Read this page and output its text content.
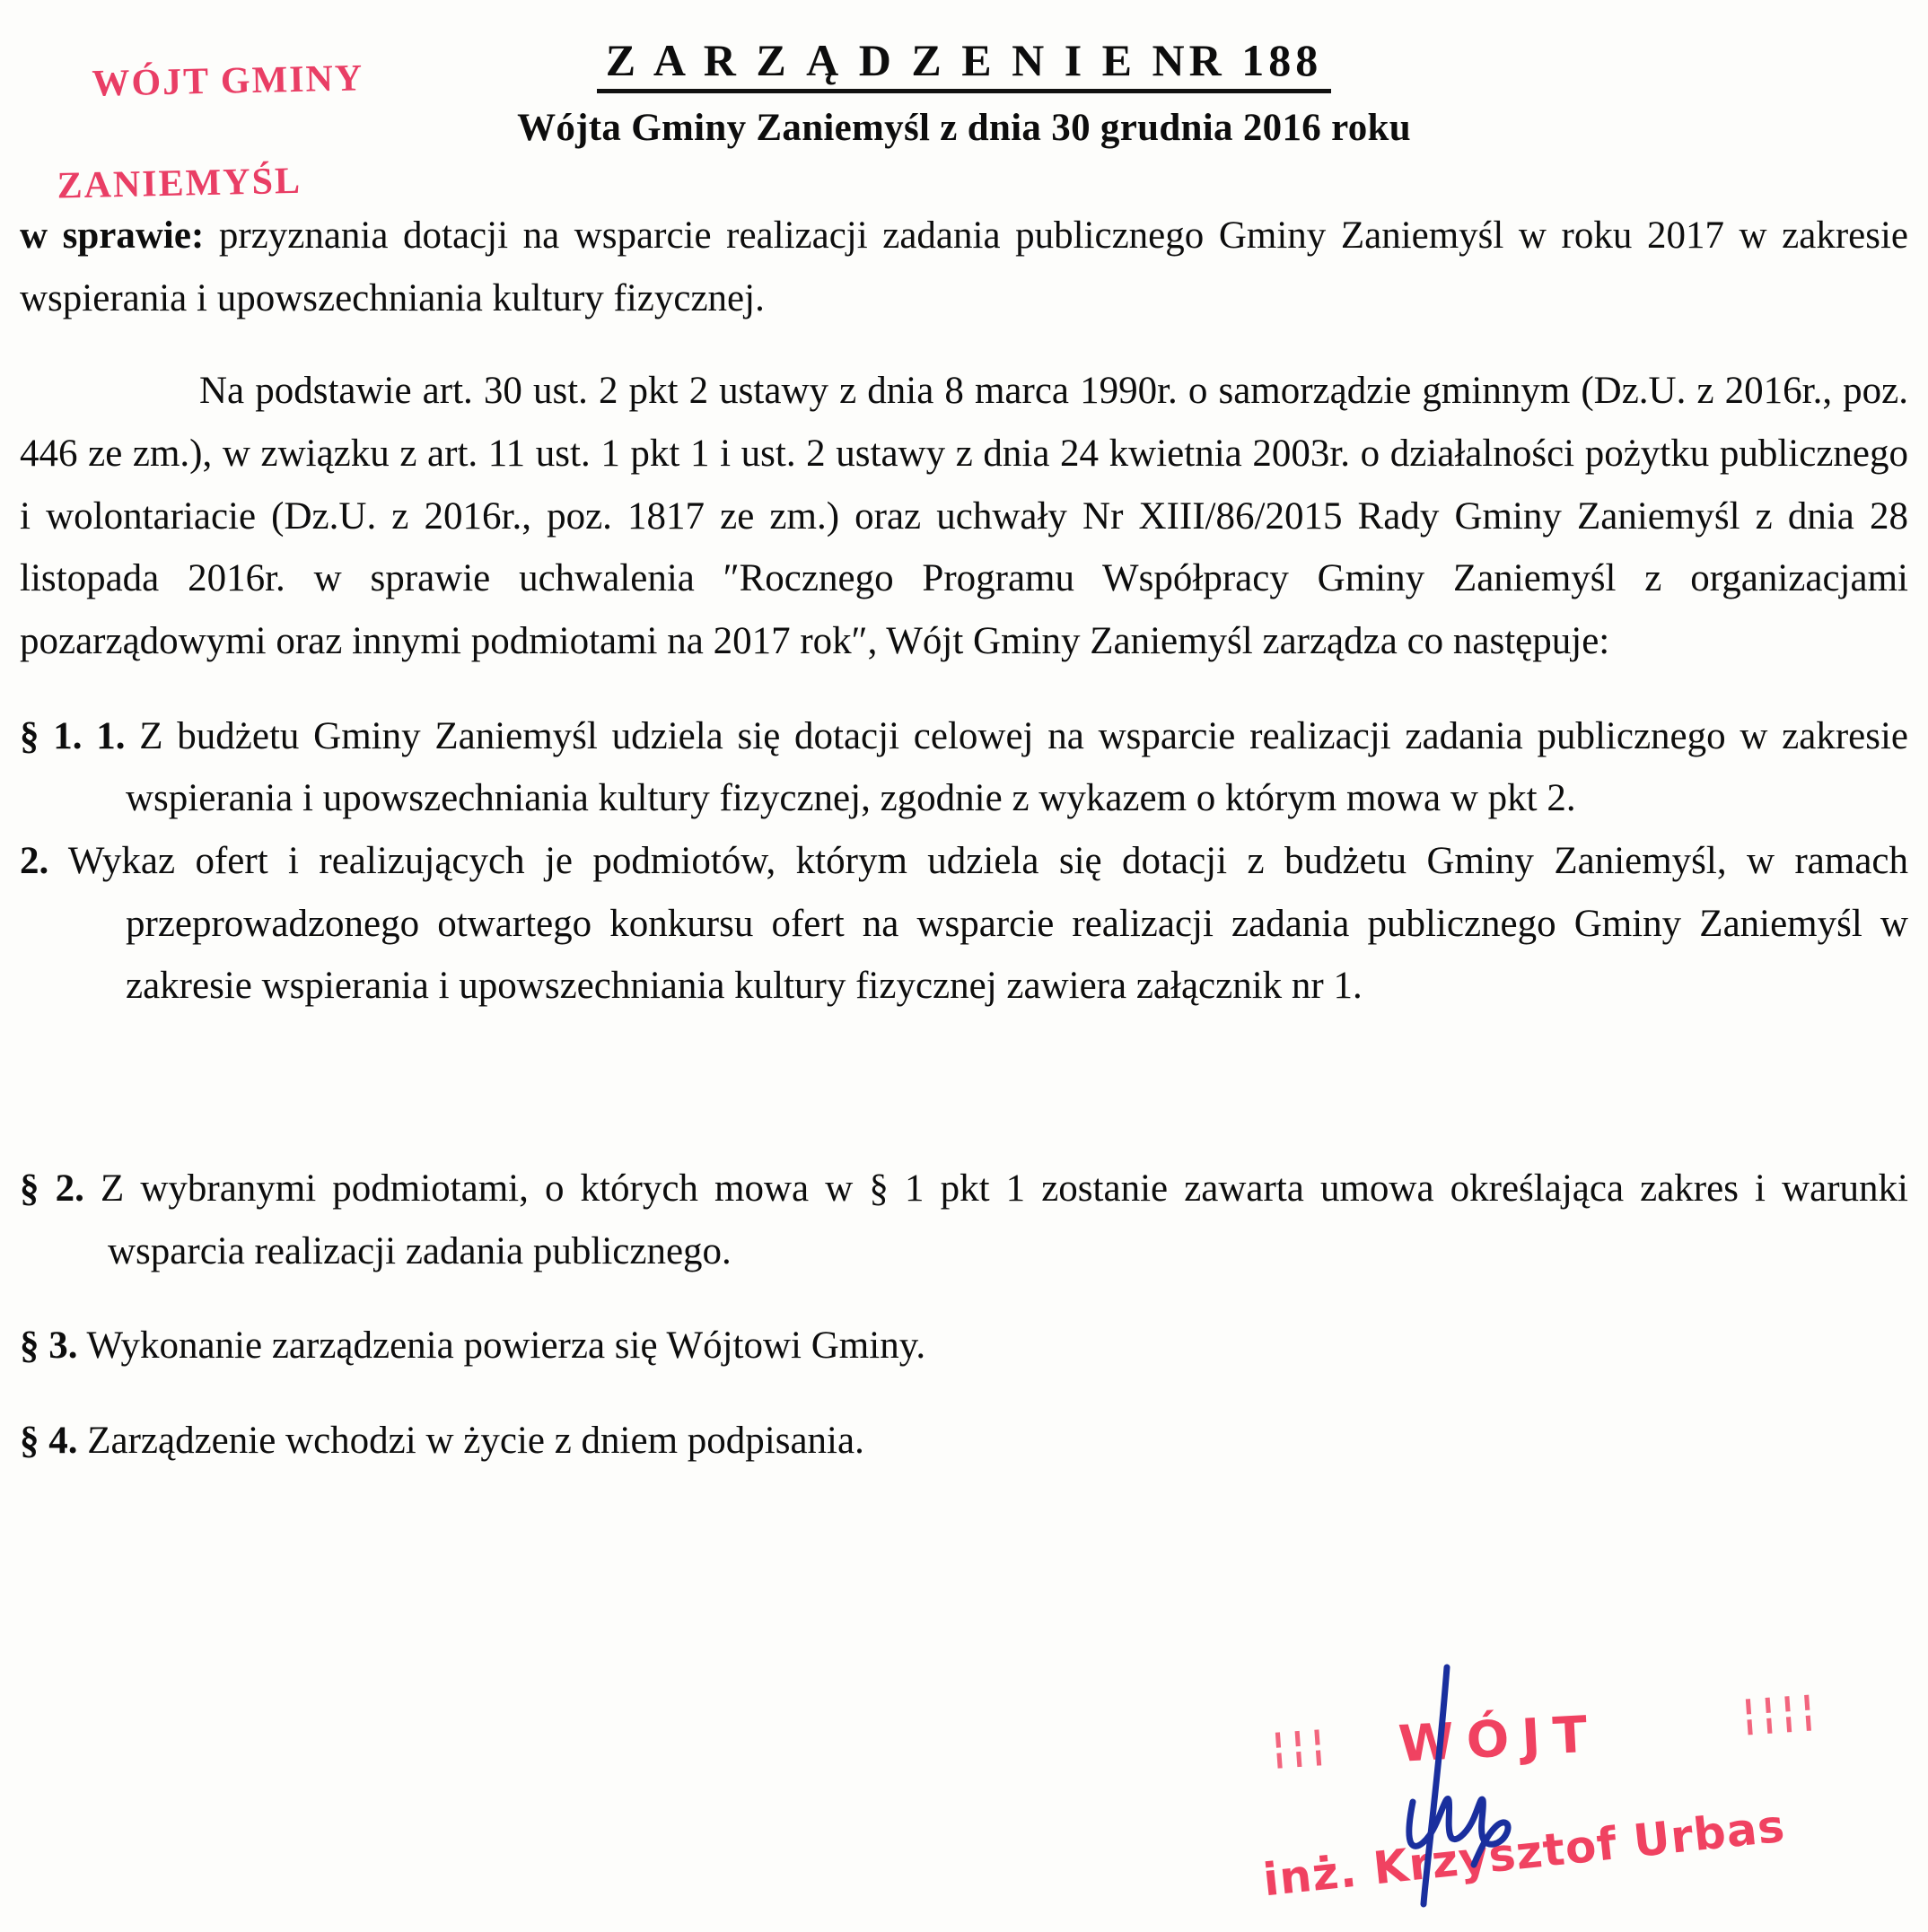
WÓJT GMINY

ZANIEMYŚL

Z A R Z Ą D Z E N I E NR 188
Wójta Gminy Zaniemyśl z dnia 30 grudnia 2016 roku

w sprawie: przyznania dotacji na wsparcie realizacji zadania publicznego Gminy Zaniemyśl w roku 2017 w zakresie wspierania i upowszechniania kultury fizycznej.

Na podstawie art. 30 ust. 2 pkt 2 ustawy z dnia 8 marca 1990r. o samorządzie gminnym (Dz.U. z 2016r., poz. 446 ze zm.), w związku z art. 11 ust. 1 pkt 1 i ust. 2 ustawy z dnia 24 kwietnia 2003r. o działalności pożytku publicznego i wolontariacie (Dz.U. z 2016r., poz. 1817 ze zm.) oraz uchwały Nr XIII/86/2015 Rady Gminy Zaniemyśl z dnia 28 listopada 2016r. w sprawie uchwalenia ″Rocznego Programu Współpracy Gminy Zaniemyśl z organizacjami pozarządowymi oraz innymi podmiotami na 2017 rok″, Wójt Gminy Zaniemyśl zarządza co następuje:

§ 1. 1. Z budżetu Gminy Zaniemyśl udziela się dotacji celowej na wsparcie realizacji zadania publicznego w zakresie wspierania i upowszechniania kultury fizycznej, zgodnie z wykazem o którym mowa w pkt 2.

2. Wykaz ofert i realizujących je podmiotów, którym udziela się dotacji z budżetu Gminy Zaniemyśl, w ramach przeprowadzonego otwartego konkursu ofert na wsparcie realizacji zadania publicznego Gminy Zaniemyśl w zakresie wspierania i upowszechniania kultury fizycznej zawiera załącznik nr 1.

§ 2. Z wybranymi podmiotami, o których mowa w § 1 pkt 1 zostanie zawarta umowa określająca zakres i warunki wsparcia realizacji zadania publicznego.

§ 3. Wykonanie zarządzenia powierza się Wójtowi Gminy.

§ 4. Zarządzenie wchodzi w życie z dniem podpisania.

¦¦¦
¦¦¦¦
WÓJT
inż. Krzysztof Urbas
